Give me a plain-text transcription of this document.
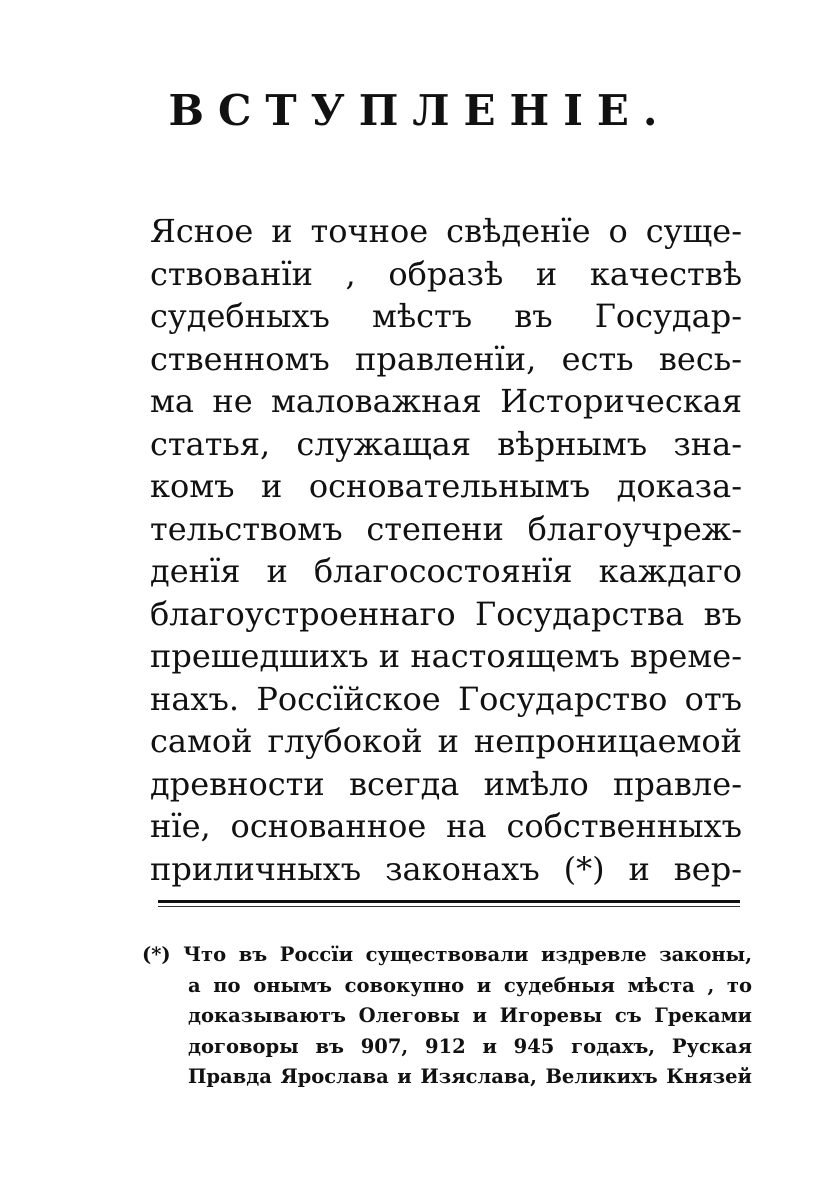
ВСТУПЛЕНІЕ.
Ясное и точное свѣденїе о суще-
ствованїи , образѣ и качествѣ
судебныхъ мѣстъ въ Государ-
ственномъ правленїи, есть весь-
ма не маловажная Историческая
статья, служащая вѣрнымъ зна-
комъ и основательнымъ доказа-
тельствомъ степени благоучреж-
денїя и благосостоянїя каждаго
благоустроеннаго Государства въ
прешедшихъ и настоящемъ време-
нахъ. Россїйское Государство отъ
самой глубокой и непроницаемой
древности всегда имѣло правле-
нїе, основанное на собственныхъ
приличныхъ законахъ (*) и вер-
(*) Что въ Россїи существовали издревле законы,
а по онымъ совокупно и судебныя мѣста , то
доказываютъ Олеговы и Игоревы съ Греками
договоры въ 907, 912 и 945 годахъ, Руская
Правда Ярослава и Изяслава, Великихъ Князей
